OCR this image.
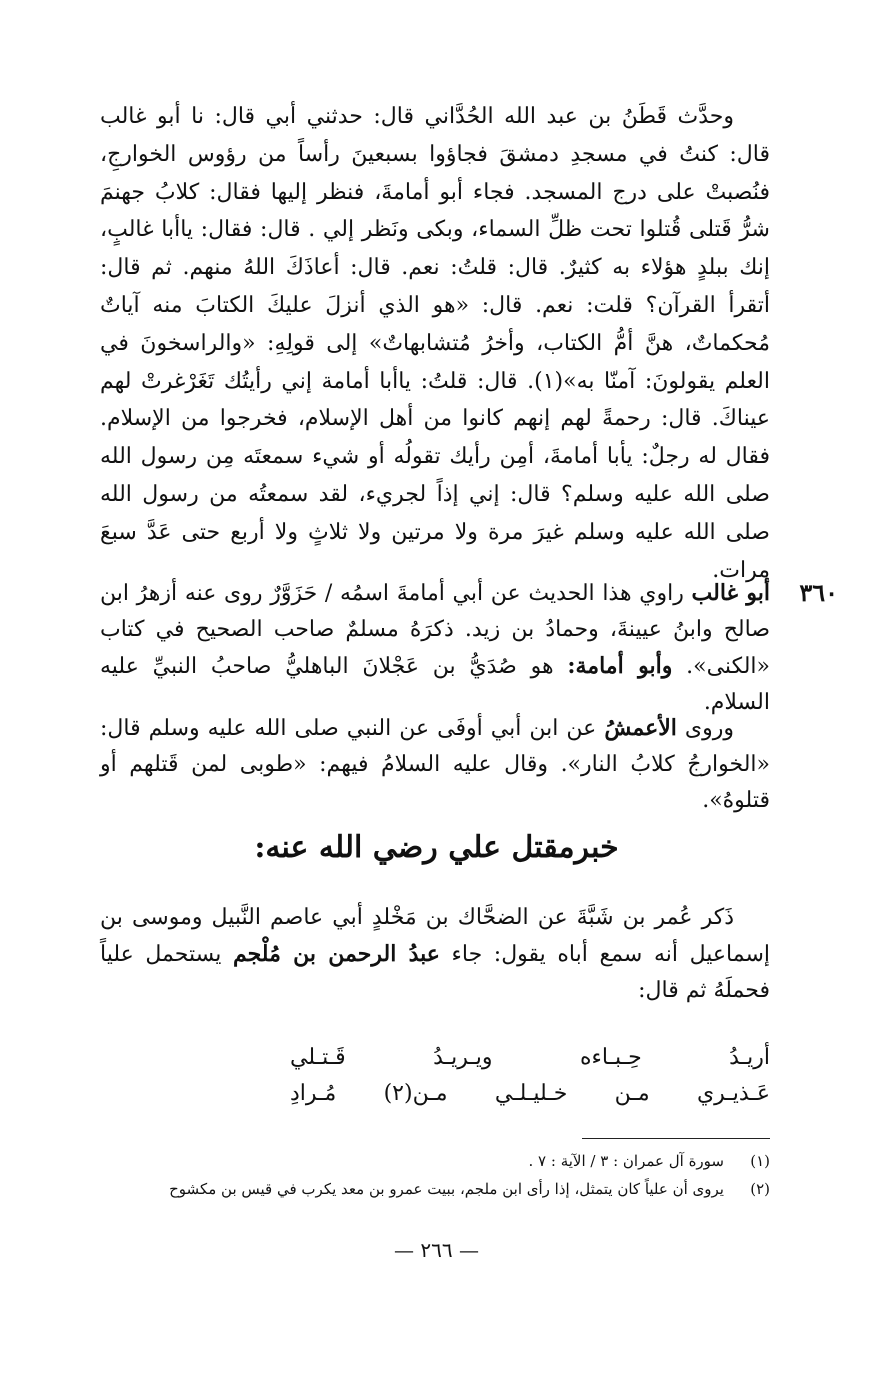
وحدَّث قَطَنُ بن عبد الله الحُدَّاني قال: حدثني أبي قال: نا أبو غالب قال: كنتُ في مسجدِ دمشقَ فجاؤوا بسبعينَ رأساً من رؤوس الخوارجِ، فنُصبتْ على درج المسجد. فجاء أبو أمامةَ، فنظر إليها فقال: كلابُ جهنمَ شرُّ قَتلى قُتلوا تحت ظلِّ السماء، وبكى ونَظر إلي . قال: فقال: ياأبا غالبٍ، إنك ببلدٍ هؤلاء به كثيرٌ. قال: قلتُ: نعم. قال: أعاذَكَ اللهُ منهم. ثم قال: أتقرأ القرآن؟ قلت: نعم. قال: «هو الذي أنزلَ عليكَ الكتابَ منه آياتٌ مُحكماتٌ، هنَّ أمُّ الكتاب، وأخرُ مُتشابهاتٌ» إلى قولِهِ: «والراسخونَ في العلم يقولونَ: آمنّا به»(١). قال: قلتُ: ياأبا أمامة إني رأيتُك تَغَرْغرتْ لهم عيناكَ. قال: رحمةً لهم إنهم كانوا من أهل الإسلام، فخرجوا من الإسلام. فقال له رجلٌ: يأبا أمامةَ، أمِن رأيك تقولُه أو شيء سمعتَه مِن رسول الله صلى الله عليه وسلم؟ قال: إني إذاً لجريء، لقد سمعتُه من رسول الله صلى الله عليه وسلم غيرَ مرة ولا مرتين ولا ثلاثٍ ولا أربع حتى عَدَّ سبعَ مرات.
٣٦٠
أبو غالب راوي هذا الحديث عن أبي أمامةَ اسمُه / حَزَوَّرٌ روى عنه أزهرُ ابن صالح وابنُ عيينةَ، وحمادُ بن زيد. ذكرَهُ مسلمٌ صاحب الصحيح في كتاب «الكنى». وأبو أمامة: هو صُدَيُّ بن عَجْلانَ الباهليُّ صاحبُ النبيِّ عليه السلام.
وروى الأعمشُ عن ابن أبي أوفَى عن النبي صلى الله عليه وسلم قال: «الخوارجُ كلابُ النار». وقال عليه السلامُ فيهم: «طوبى لمن قَتلهم أو قتلوهُ».
خبرمقتل علي رضي الله عنه:
ذَكر عُمر بن شَبَّةَ عن الضحَّاك بن مَخْلدٍ أبي عاصم النَّبيل وموسى بن إسماعيل أنه سمع أباه يقول: جاء عبدُ الرحمن بن مُلْجم يستحمل علياً فحملَهُ ثم قال:
أريـدُ حِـبـاءه ويـريـدُ قَـتـلي
عَـذيـري مـن خـليـلـي مـن(٢) مُـرادِ
(١)سورة آل عمران : ٣ / الآية : ٧ .
(٢)يروى أن علياً كان يتمثل، إذا رأى ابن ملجم، ببيت عمرو بن معد يكرب في قيس بن مكشوح
— ٢٦٦ —
